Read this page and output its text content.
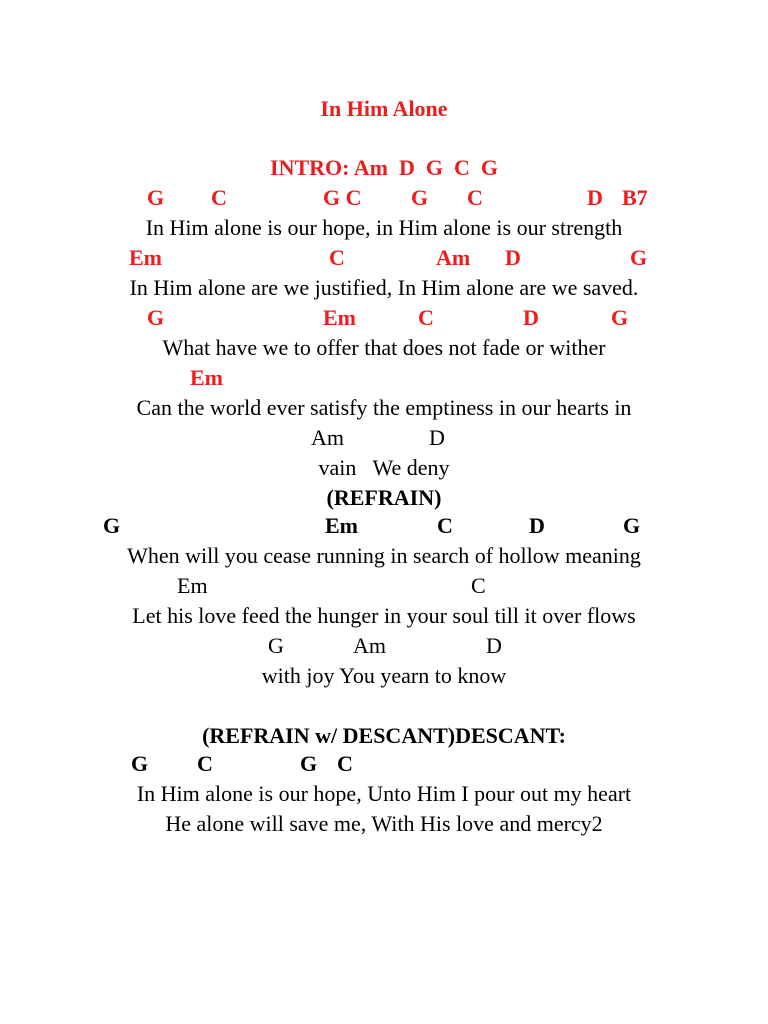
In Him Alone
INTRO: Am  D  G  C  G
G C	G C G C	D B7
In Him alone is our hope, in Him alone is our strength
Em	C	Am D	G
In Him alone are we justified, In Him alone are we saved.
G	Em	C	D	G
What have we to offer that does not fade or wither
Em
Can the world ever satisfy the emptiness in our hearts in
Am	D
vain   We deny
(REFRAIN)
G	Em	C	D	G
When will you cease running in search of hollow meaning
Em	C
Let his love feed the hunger in your soul till it over flows
G	Am	D
with joy You yearn to know
(REFRAIN w/ DESCANT)DESCANT:
G C	G C
In Him alone is our hope, Unto Him I pour out my heart
He alone will save me, With His love and mercy2
